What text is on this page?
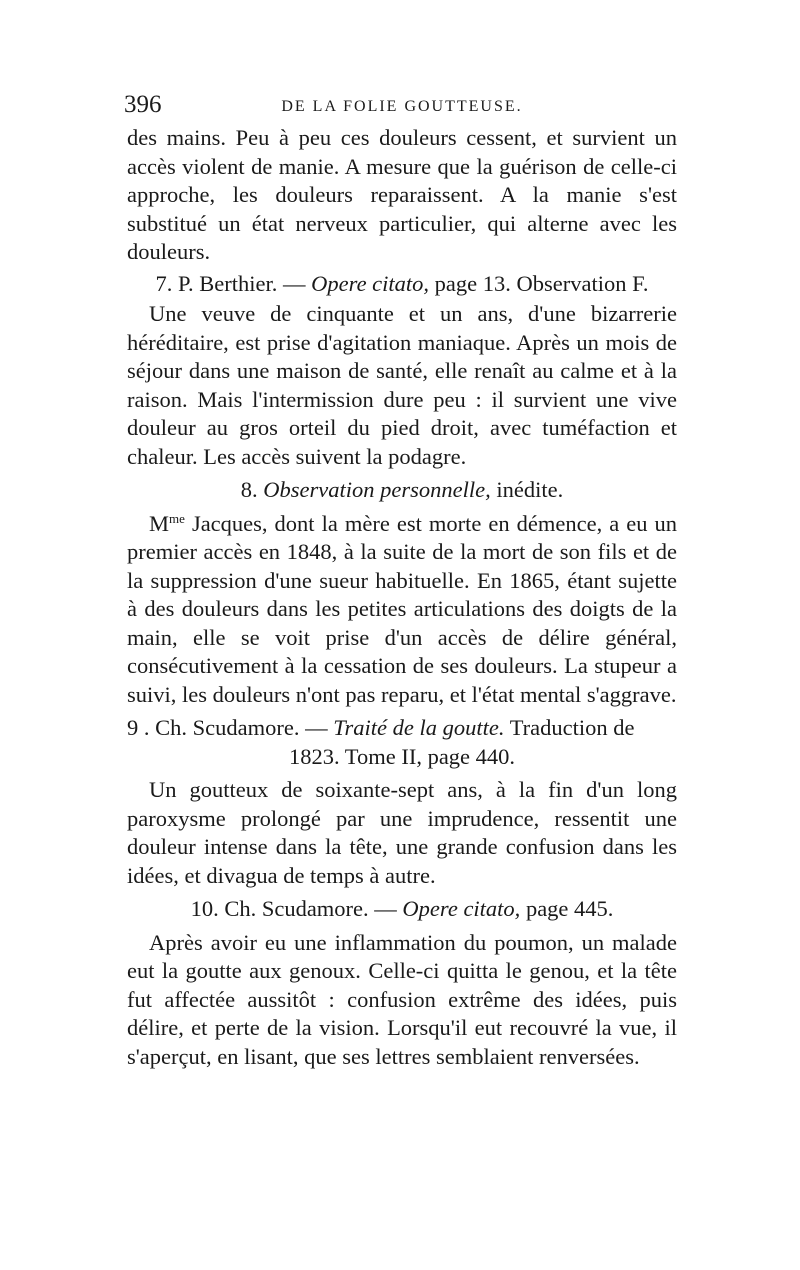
396	DE LA FOLIE GOUTTEUSE.

des mains. Peu à peu ces douleurs cessent, et survient un accès violent de manie. A mesure que la guérison de celle-ci approche, les douleurs reparaissent. A la manie s'est substitué un état nerveux particulier, qui alterne avec les douleurs.

7. P. Berthier. — Opere citato, page 13. Observation F.

Une veuve de cinquante et un ans, d'une bizarrerie héréditaire, est prise d'agitation maniaque. Après un mois de séjour dans une maison de santé, elle renaît au calme et à la raison. Mais l'intermission dure peu : il survient une vive douleur au gros orteil du pied droit, avec tuméfaction et chaleur. Les accès suivent la podagre.

8. Observation personnelle, inédite.

$M^{me}$ Jacques, dont la mère est morte en démence, a eu un premier accès en 1848, à la suite de la mort de son fils et de la suppression d'une sueur habituelle. En 1865, étant sujette à des douleurs dans les petites articulations des doigts de la main, elle se voit prise d'un accès de délire général, consécutivement à la cessation de ses douleurs. La stupeur a suivi, les douleurs n'ont pas reparu, et l'état mental s'aggrave.

9 . Ch. Scudamore. — Traité de la goutte. Traduction de

1823. Tome II, page 440.

Un goutteux de soixante-sept ans, à la fin d'un long paroxysme prolongé par une imprudence, ressentit une douleur intense dans la tête, une grande confusion dans les idées, et divagua de temps à autre.

10. Ch. Scudamore. — Opere citato, page 445.

Après avoir eu une inflammation du poumon, un malade eut la goutte aux genoux. Celle-ci quitta le genou, et la tête fut affectée aussitôt : confusion extrême des idées, puis délire, et perte de la vision. Lorsqu'il eut recouvré la vue, il s'aperçut, en lisant, que ses lettres semblaient renversées.
